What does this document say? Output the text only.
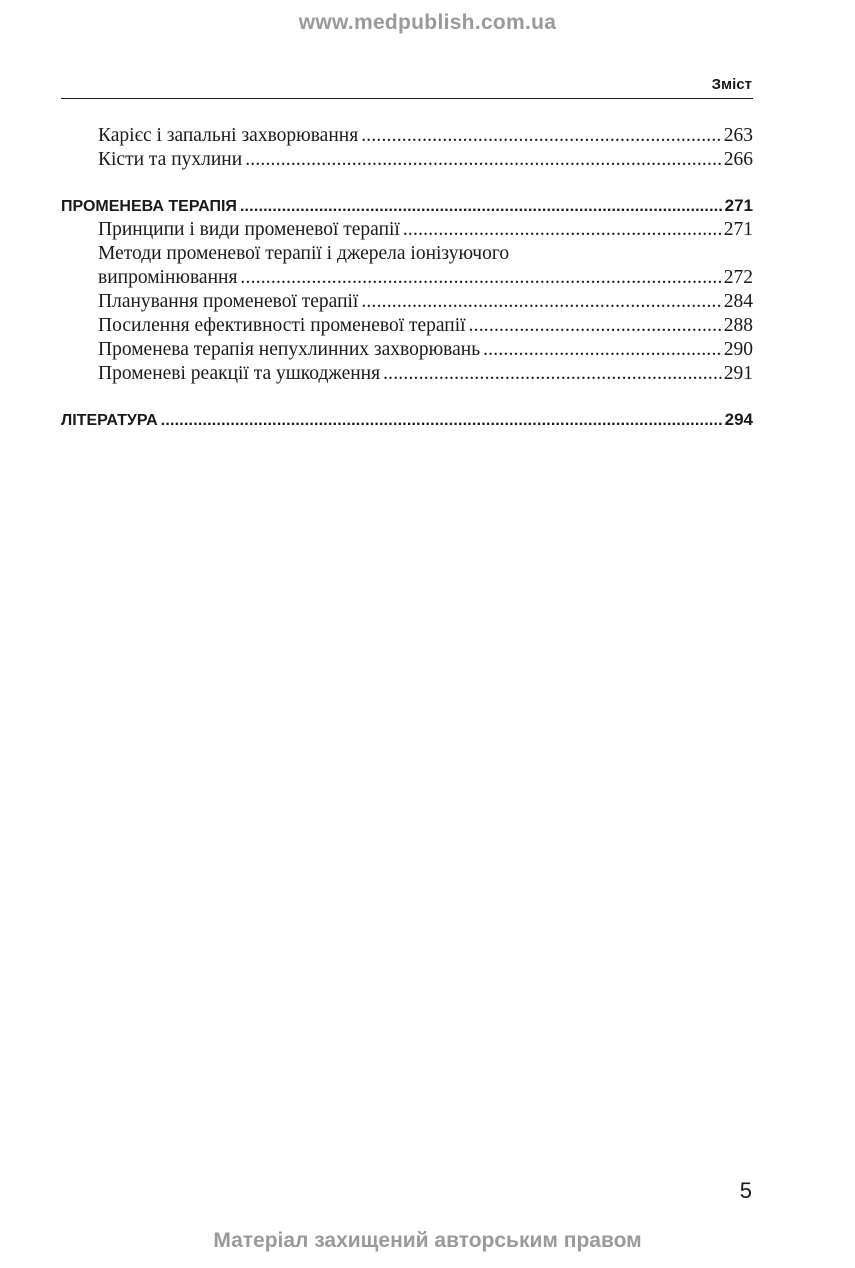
www.medpublish.com.ua
Зміст
Карієс і запальні захворювання .....	263
Кісти та пухлини .....	266
ПРОМЕНЕВА ТЕРАПІЯ .....	271
Принципи і види променевої терапії .....	271
Методи променевої терапії і джерела іонізуючого
випромінювання .....	272
Планування променевої терапії .....	284
Посилення ефективності променевої терапії .....	288
Променева терапія непухлинних захворювань .....	290
Променеві реакції та ушкодження .....	291
ЛІТЕРАТУРА .....	294
5
Матеріал захищений авторським правом
